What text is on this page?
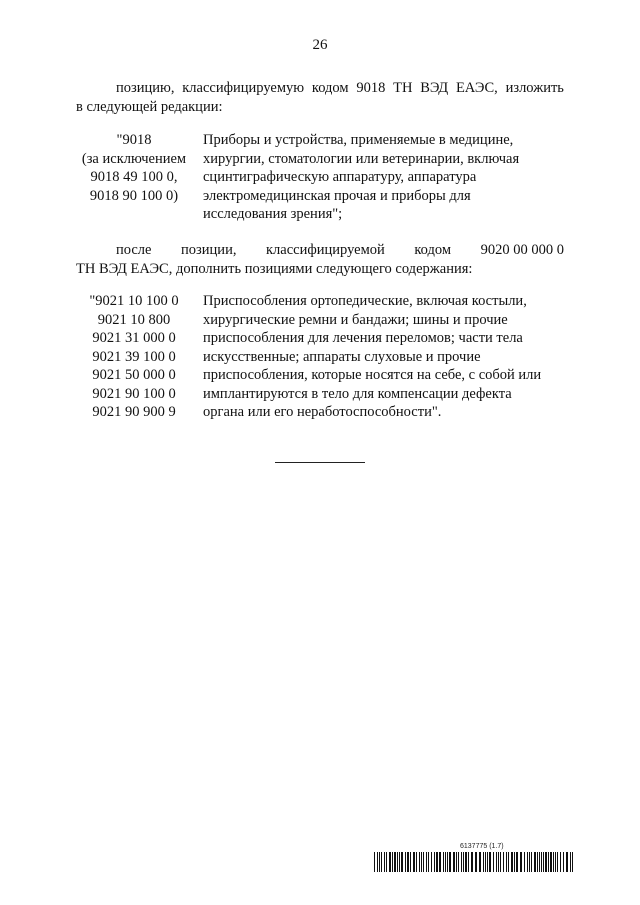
26
позицию, классифицируемую кодом 9018 ТН ВЭД ЕАЭС, изложить
в следующей редакции:
"9018
(за исключением
9018 49 100 0,
9018 90 100 0)
Приборы и устройства, применяемые в медицине,
хирургии, стоматологии или ветеринарии, включая
сцинтиграфическую аппаратуру, аппаратура
электромедицинская прочая и приборы для
исследования зрения";
после позиции, классифицируемой кодом 9020 00 000 0
ТН ВЭД ЕАЭС, дополнить позициями следующего содержания:
"9021 10 100 0
9021 10 800
9021 31 000 0
9021 39 100 0
9021 50 000 0
9021 90 100 0
9021 90 900 9
Приспособления ортопедические, включая костыли,
хирургические ремни и бандажи; шины и прочие
приспособления для лечения переломов; части тела
искусственные; аппараты слуховые и прочие
приспособления, которые носятся на себе, с собой или
имплантируются в тело для компенсации дефекта
органа или его неработоспособности".
6137775 (1.7)
